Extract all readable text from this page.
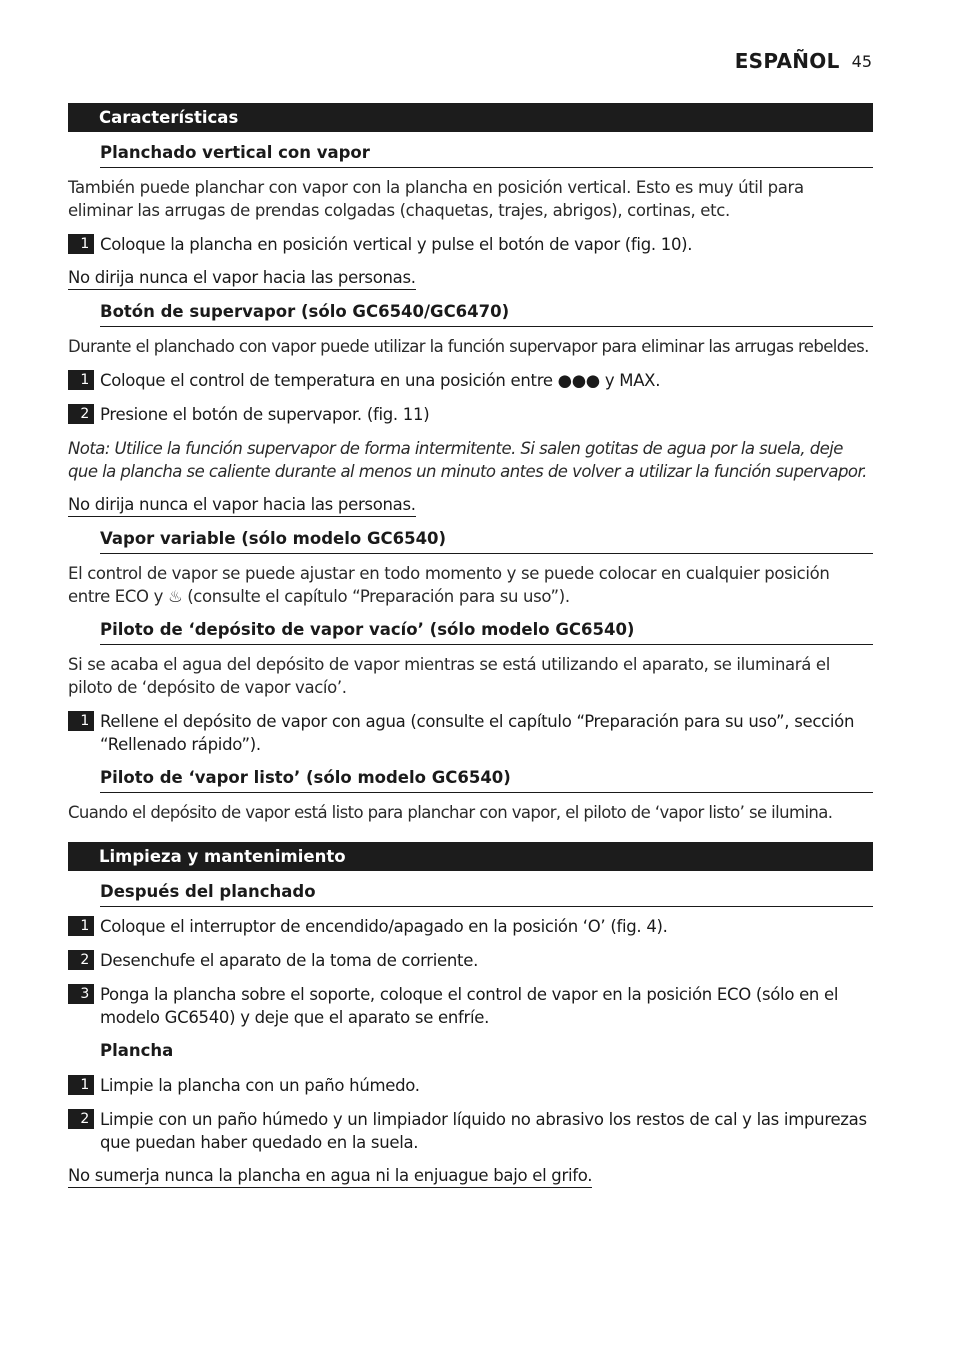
ESPAÑOL 45
Características
Planchado vertical con vapor
También puede planchar con vapor con la plancha en posición vertical. Esto es muy útil para eliminar las arrugas de prendas colgadas (chaquetas, trajes, abrigos), cortinas, etc.
1 Coloque la plancha en posición vertical y pulse el botón de vapor (fig. 10).
No dirija nunca el vapor hacia las personas.
Botón de supervapor (sólo GC6540/GC6470)
Durante el planchado con vapor puede utilizar la función supervapor para eliminar las arrugas rebeldes.
1 Coloque el control de temperatura en una posición entre ●●● y MAX.
2 Presione el botón de supervapor. (fig. 11)
Nota: Utilice la función supervapor de forma intermitente. Si salen gotitas de agua por la suela, deje que la plancha se caliente durante al menos un minuto antes de volver a utilizar la función supervapor.
No dirija nunca el vapor hacia las personas.
Vapor variable (sólo modelo GC6540)
El control de vapor se puede ajustar en todo momento y se puede colocar en cualquier posición entre ECO y ♨ (consulte el capítulo “Preparación para su uso”).
Piloto de ‘depósito de vapor vacío’ (sólo modelo GC6540)
Si se acaba el agua del depósito de vapor mientras se está utilizando el aparato, se iluminará el piloto de ‘depósito de vapor vacío’.
1 Rellene el depósito de vapor con agua (consulte el capítulo “Preparación para su uso”, sección “Rellenado rápido”).
Piloto de ‘vapor listo’ (sólo modelo GC6540)
Cuando el depósito de vapor está listo para planchar con vapor, el piloto de ‘vapor listo’ se ilumina.
Limpieza y mantenimiento
Después del planchado
1 Coloque el interruptor de encendido/apagado en la posición ‘O’ (fig. 4).
2 Desenchufe el aparato de la toma de corriente.
3 Ponga la plancha sobre el soporte, coloque el control de vapor en la posición ECO (sólo en el modelo GC6540) y deje que el aparato se enfríe.
Plancha
1 Limpie la plancha con un paño húmedo.
2 Limpie con un paño húmedo y un limpiador líquido no abrasivo los restos de cal y las impurezas que puedan haber quedado en la suela.
No sumerja nunca la plancha en agua ni la enjuague bajo el grifo.
